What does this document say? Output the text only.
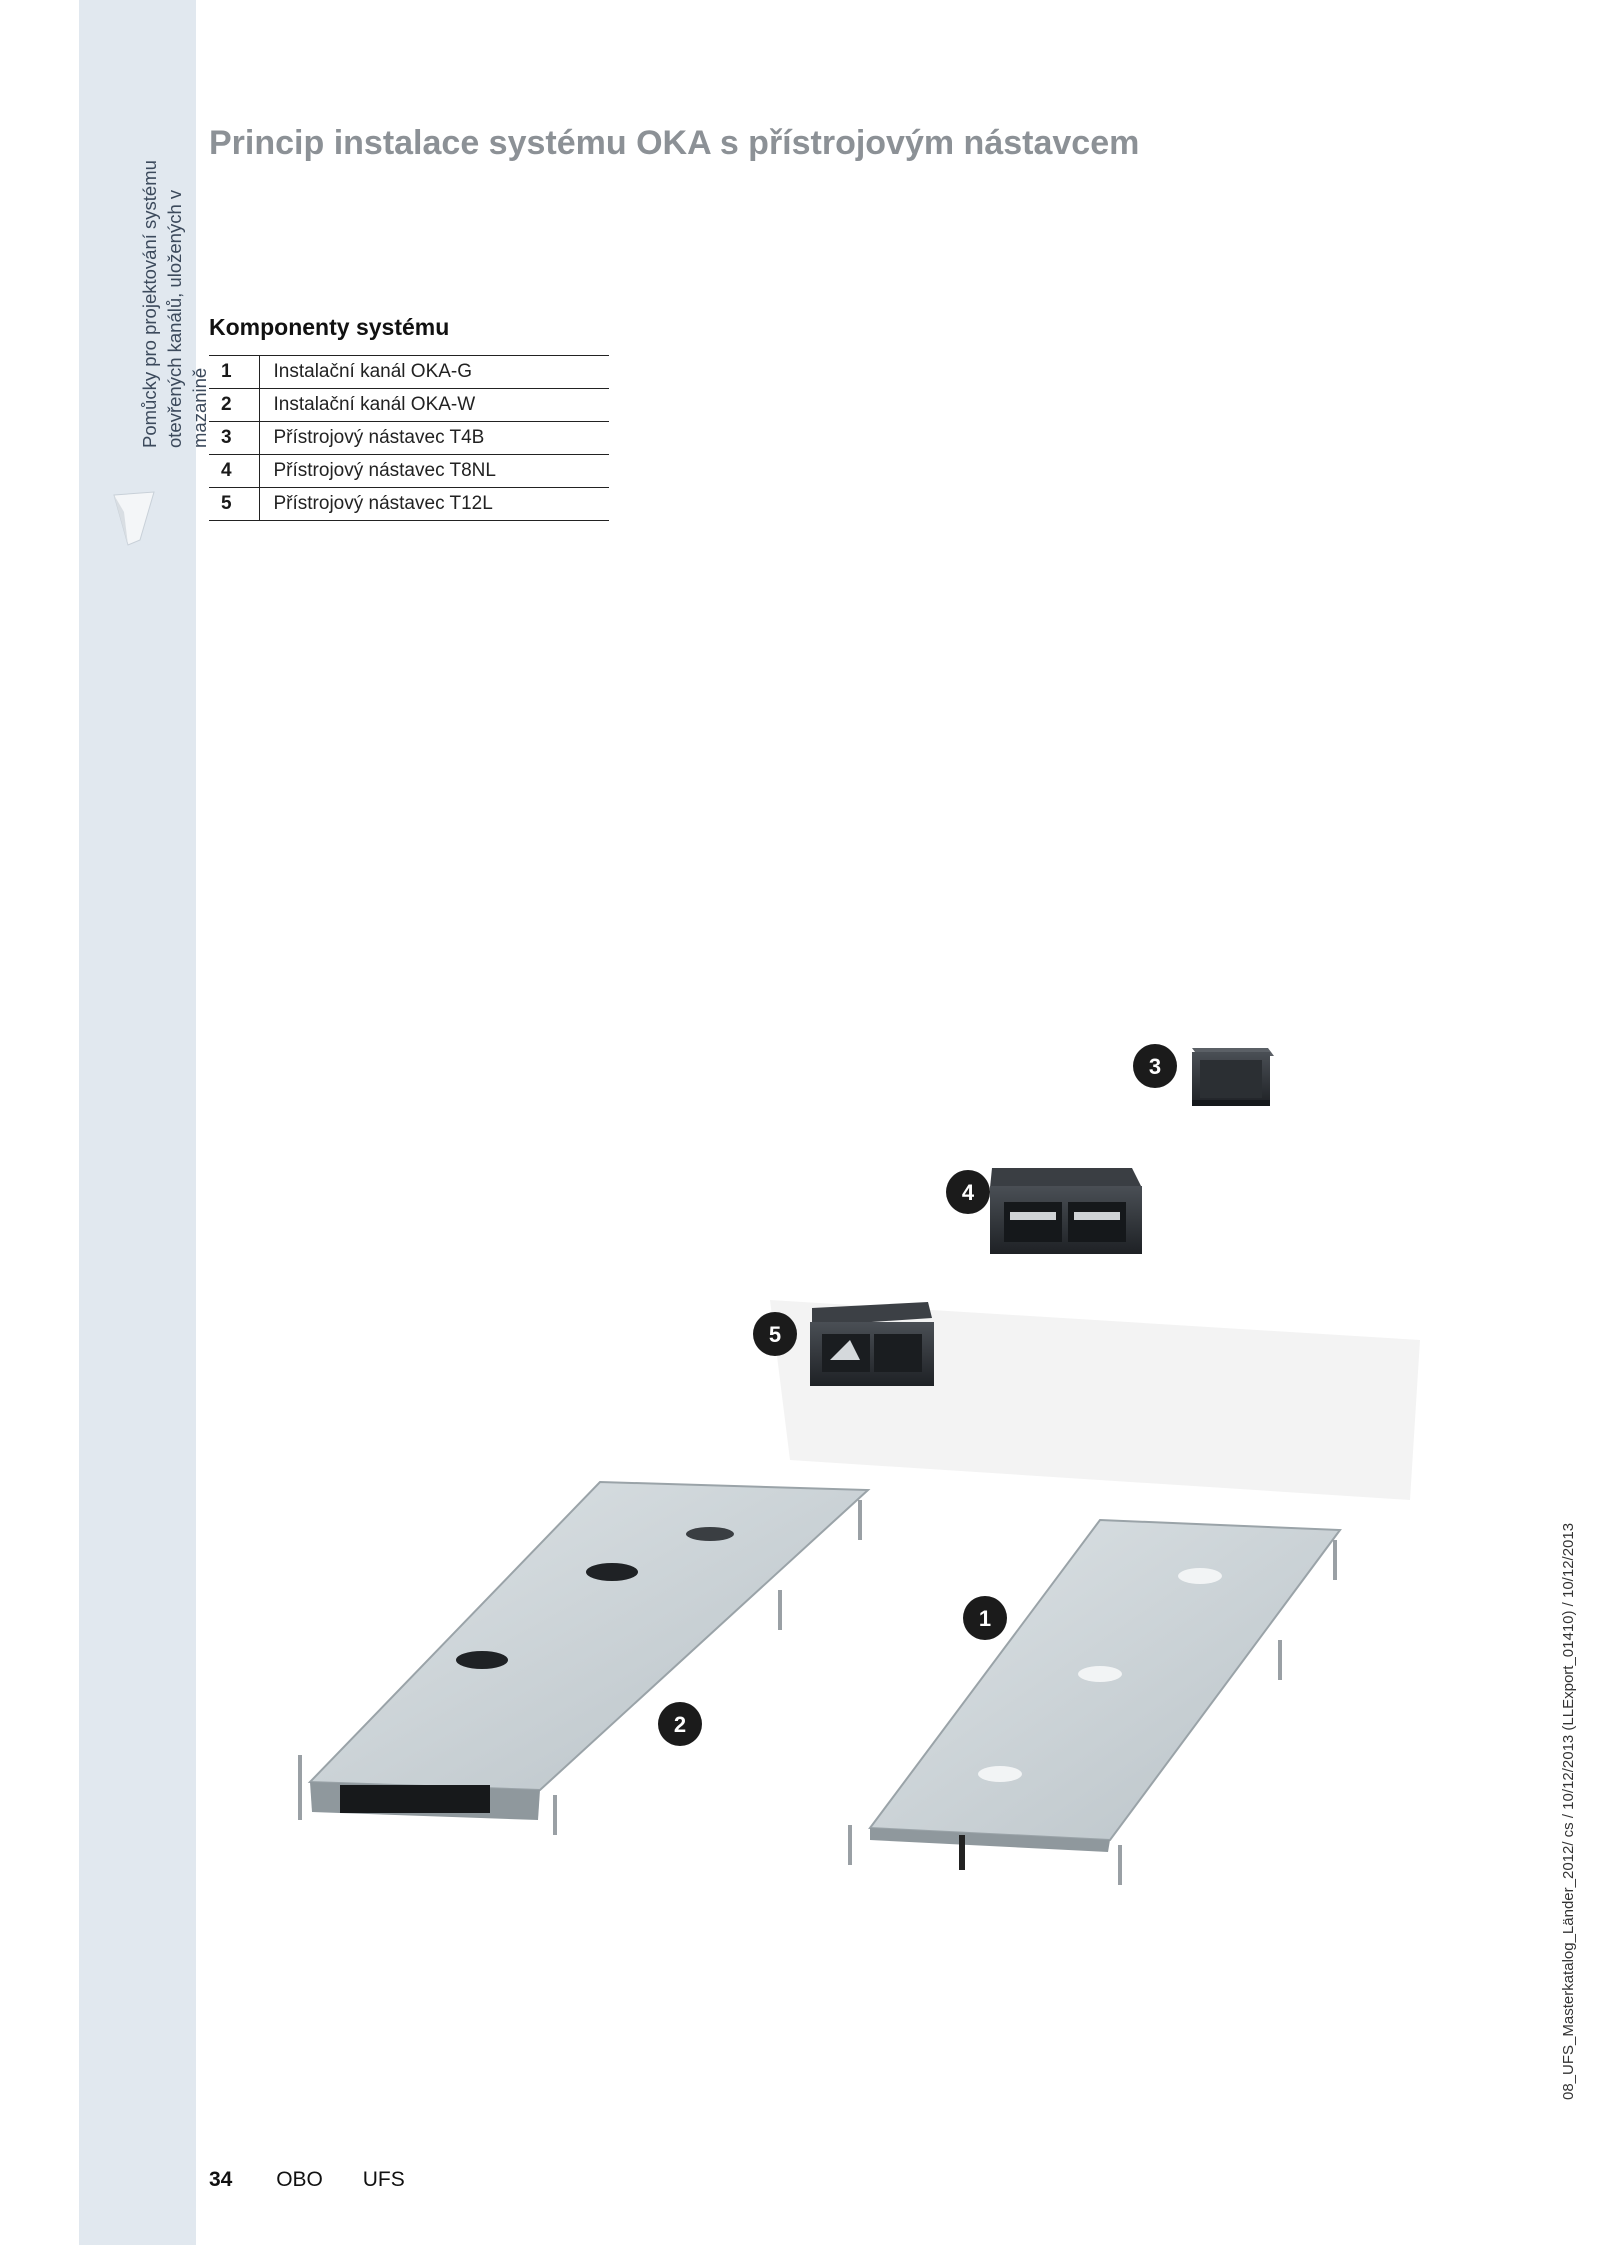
Pomůcky pro projektování systému otevřených kanálů, uložených v mazanině
Princip instalace systému OKA s přístrojovým nástavcem
Komponenty systému
1	Instalační kanál OKA-G
2	Instalační kanál OKA-W
3	Přístrojový nástavec T4B
4	Přístrojový nástavec T8NL
5	Přístrojový nástavec T12L
1
2
3
4
5
34 OBO UFS
08_UFS_Masterkatalog_Länder_2012/ cs / 10/12/2013 (LLExport_01410) / 10/12/2013
